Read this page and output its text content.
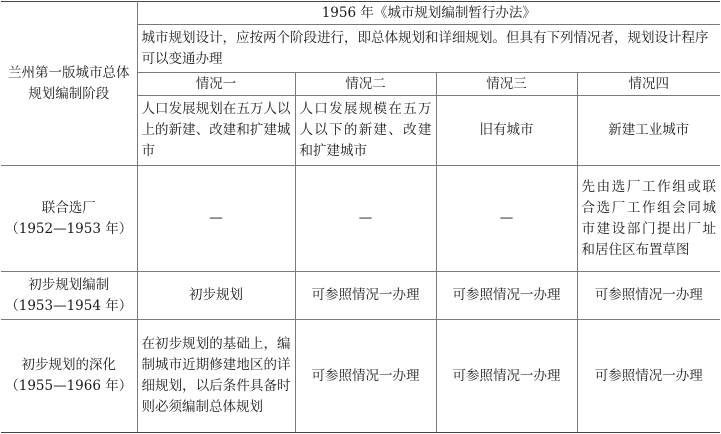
兰州第一版城市总体规划编制阶段	1956 年《城市规划编制暂行办法》			
	城市规划设计，应按两个阶段进行，即总体规划和详细规划。但具有下列情况者，规划设计程序可以变通办理			
	情况一	情况二	情况三	情况四
	人口发展规划在五万人以上的新建、改建和扩建城市	人口发展规模在五万人以下的新建、改建和扩建城市	旧有城市	新建工业城市

联合选厂
（1952—1953 年）	—	—	—	先由选厂工作组或联合选厂工作组会同城市建设部门提出厂址和居住区布置草图

初步规划编制
（1953—1954 年）	初步规划	可参照情况一办理	可参照情况一办理	可参照情况一办理

初步规划的深化
（1955—1966 年）	在初步规划的基础上，编制城市近期修建地区的详细规划，以后条件具备时则必须编制总体规划	可参照情况一办理	可参照情况一办理	可参照情况一办理
